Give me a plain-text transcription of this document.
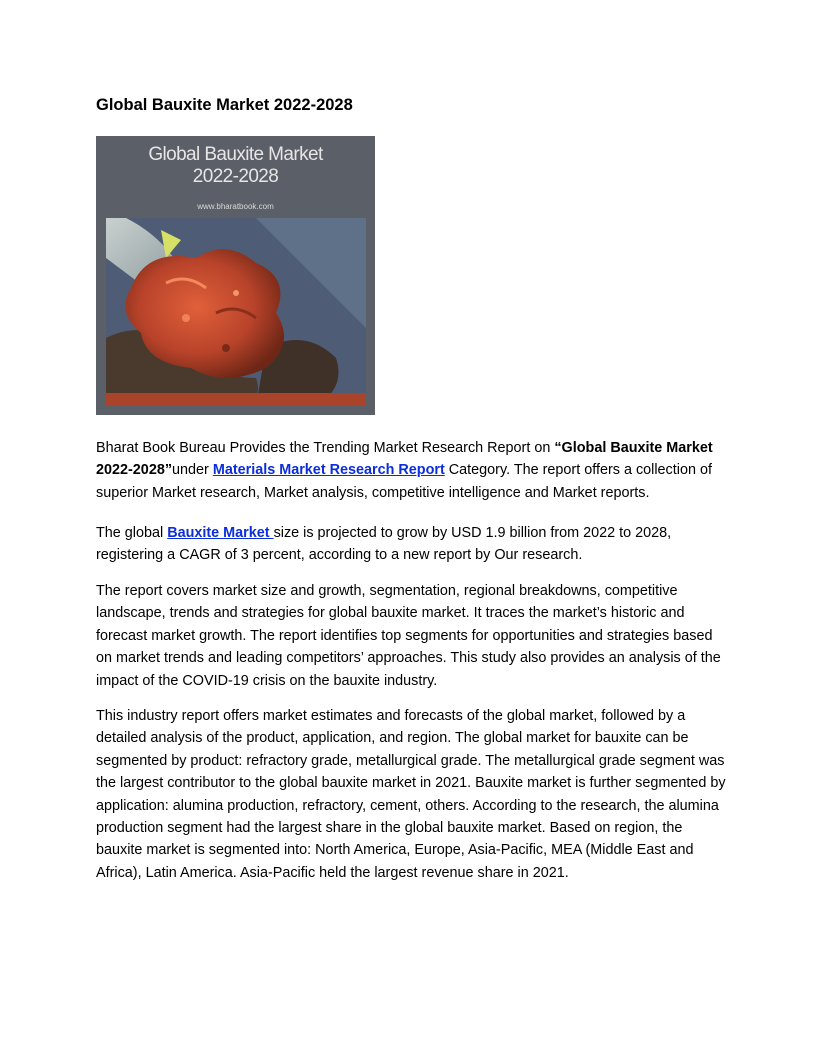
Global Bauxite Market 2022-2028
Global Bauxite Market
2022-2028
www.bharatbook.com

Bharat Book Bureau Provides the Trending Market Research Report on “Global Bauxite Market 2022-2028”under Materials Market Research Report Category. The report offers a collection of superior Market research, Market analysis, competitive intelligence and Market reports.

The global Bauxite Market size is projected to grow by USD 1.9 billion from 2022 to 2028, registering a CAGR of 3 percent, according to a new report by Our research.

The report covers market size and growth, segmentation, regional breakdowns, competitive landscape, trends and strategies for global bauxite market. It traces the market’s historic and forecast market growth. The report identifies top segments for opportunities and strategies based on market trends and leading competitors’ approaches. This study also provides an analysis of the impact of the COVID-19 crisis on the bauxite industry.

This industry report offers market estimates and forecasts of the global market, followed by a detailed analysis of the product, application, and region. The global market for bauxite can be segmented by product: refractory grade, metallurgical grade. The metallurgical grade segment was the largest contributor to the global bauxite market in 2021. Bauxite market is further segmented by application: alumina production, refractory, cement, others. According to the research, the alumina production segment had the largest share in the global bauxite market. Based on region, the bauxite market is segmented into: North America, Europe, Asia-Pacific, MEA (Middle East and Africa), Latin America. Asia-Pacific held the largest revenue share in 2021.
